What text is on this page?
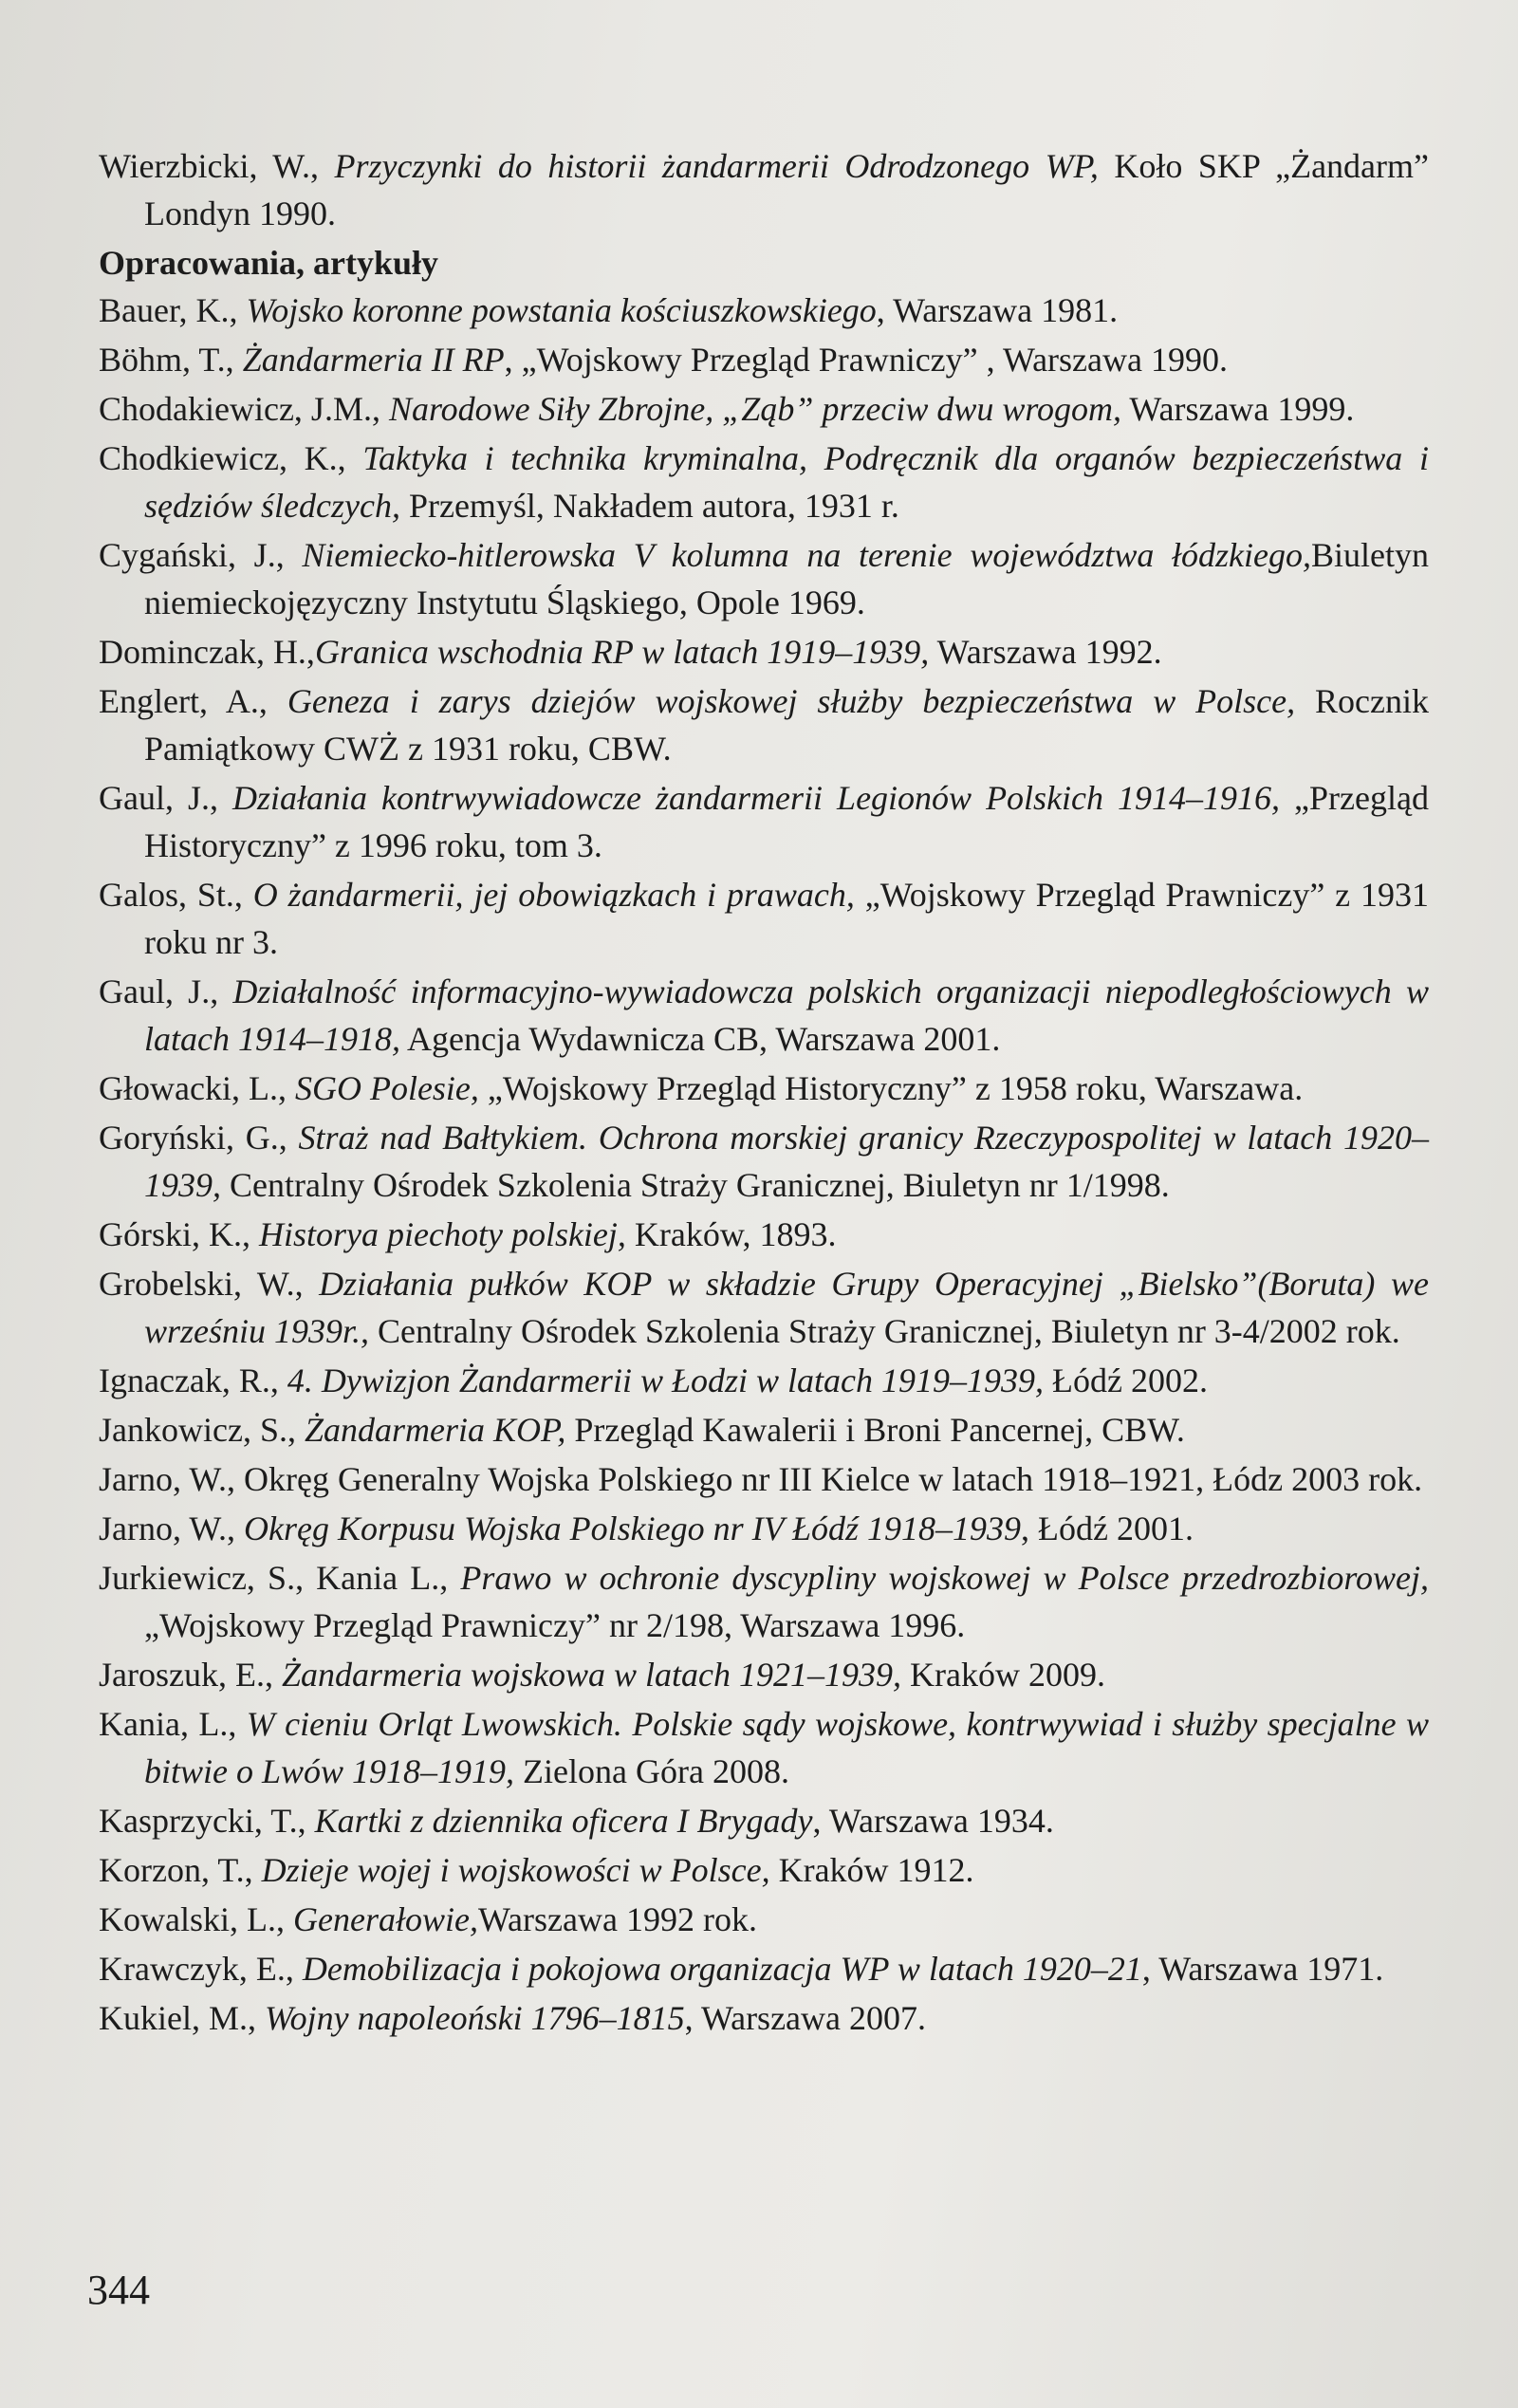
Wierzbicki, W., Przyczynki do historii żandarmerii Odrodzonego WP, Koło SKP „Żandarm” Londyn 1990.

Opracowania, artykuły

Bauer, K., Wojsko koronne powstania kościuszkowskiego, Warszawa 1981.

Böhm, T., Żandarmeria II RP, „Wojskowy Przegląd Prawniczy” , Warszawa 1990.

Chodakiewicz, J.M., Narodowe Siły Zbrojne, „Ząb” przeciw dwu wrogom, Warszawa 1999.

Chodkiewicz, K., Taktyka i technika kryminalna, Podręcznik dla organów bezpieczeństwa i sędziów śledczych, Przemyśl, Nakładem autora, 1931 r.

Cygański, J., Niemiecko-hitlerowska V kolumna na terenie województwa łódzkiego,Biuletyn niemieckojęzyczny Instytutu Śląskiego, Opole 1969.

Dominczak, H.,Granica wschodnia RP w latach 1919–1939, Warszawa 1992.

Englert, A., Geneza i zarys dziejów wojskowej służby bezpieczeństwa w Polsce, Rocznik Pamiątkowy CWŻ z 1931 roku, CBW.

Gaul, J., Działania kontrwywiadowcze żandarmerii Legionów Polskich 1914–1916, „Przegląd Historyczny” z 1996 roku, tom 3.

Galos, St., O żandarmerii, jej obowiązkach i prawach, „Wojskowy Przegląd Prawniczy” z 1931 roku nr 3.

Gaul, J., Działalność informacyjno-wywiadowcza polskich organizacji niepodległościowych w latach 1914–1918, Agencja Wydawnicza CB, Warszawa 2001.

Głowacki, L., SGO Polesie, „Wojskowy Przegląd Historyczny” z 1958 roku, Warszawa.

Goryński, G., Straż nad Bałtykiem. Ochrona morskiej granicy Rzeczypospolitej w latach 1920–1939, Centralny Ośrodek Szkolenia Straży Granicznej, Biuletyn nr 1/1998.

Górski, K., Historya piechoty polskiej, Kraków, 1893.

Grobelski, W., Działania pułków KOP w składzie Grupy Operacyjnej „Bielsko”(Boruta) we wrześniu 1939r., Centralny Ośrodek Szkolenia Straży Granicznej, Biuletyn nr 3-4/2002 rok.

Ignaczak, R., 4. Dywizjon Żandarmerii w Łodzi w latach 1919–1939, Łódź 2002.

Jankowicz, S., Żandarmeria KOP, Przegląd Kawalerii i Broni Pancernej, CBW.

Jarno, W., Okręg Generalny Wojska Polskiego nr III Kielce w latach 1918–1921, Łódz 2003 rok.

Jarno, W., Okręg Korpusu Wojska Polskiego nr IV Łódź 1918–1939, Łódź 2001.

Jurkiewicz, S., Kania L., Prawo w ochronie dyscypliny wojskowej w Polsce przedrozbiorowej, „Wojskowy Przegląd Prawniczy” nr 2/198, Warszawa 1996.

Jaroszuk, E., Żandarmeria wojskowa w latach 1921–1939, Kraków 2009.

Kania, L., W cieniu Orląt Lwowskich. Polskie sądy wojskowe, kontrwywiad i służby specjalne w bitwie o Lwów 1918–1919, Zielona Góra 2008.

Kasprzycki, T., Kartki z dziennika oficera I Brygady, Warszawa 1934.

Korzon, T., Dzieje wojej i wojskowości w Polsce, Kraków 1912.

Kowalski, L., Generałowie,Warszawa 1992 rok.

Krawczyk, E., Demobilizacja i pokojowa organizacja WP w latach 1920–21, Warszawa 1971.

Kukiel, M., Wojny napoleoński 1796–1815, Warszawa 2007.

344
